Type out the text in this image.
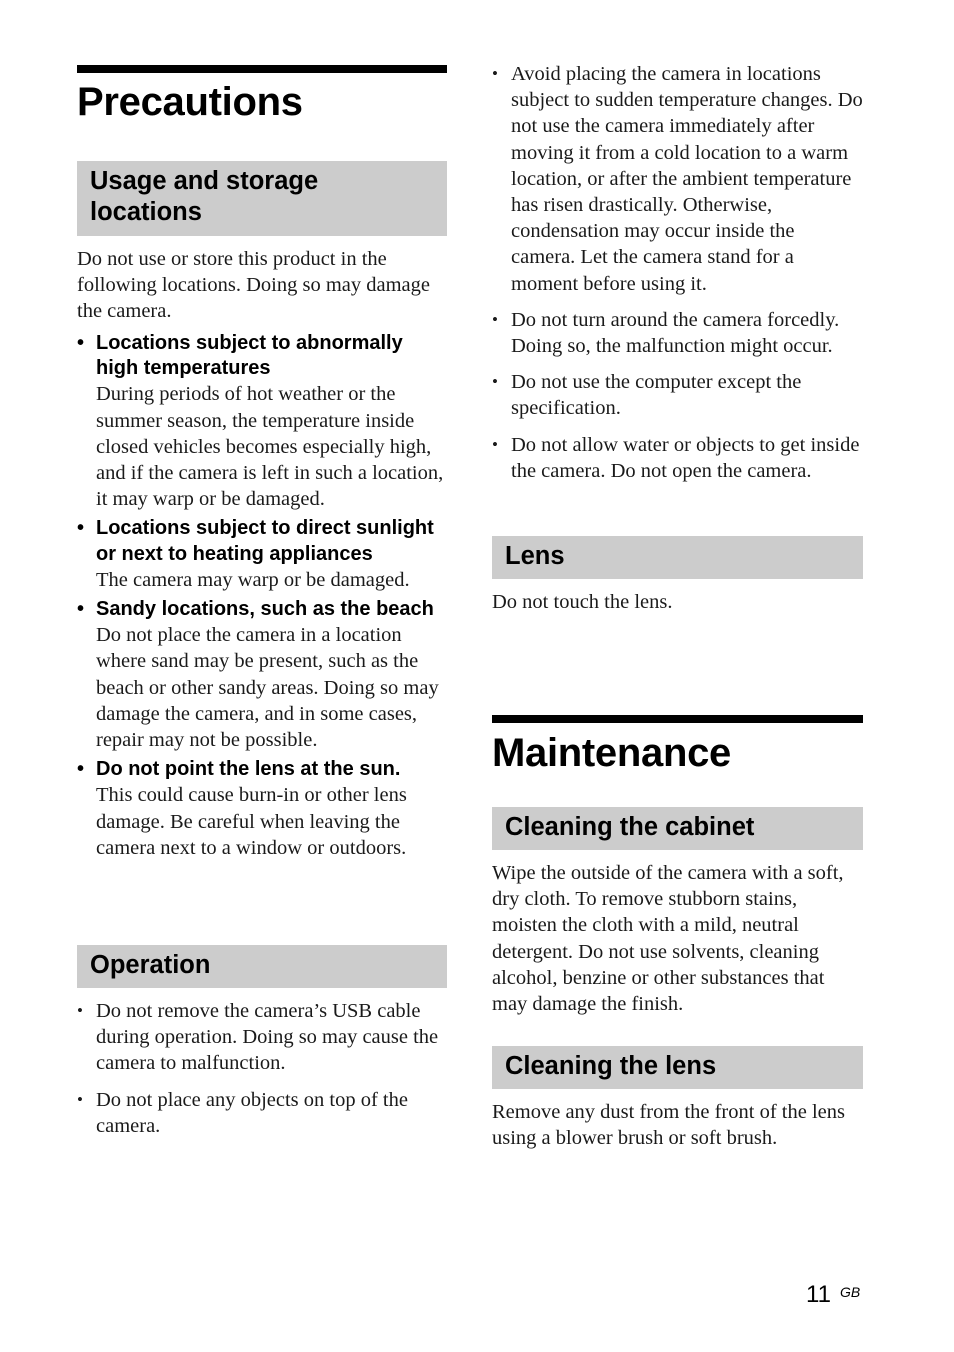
Precautions
Usage and storage locations

Do not use or store this product in the following locations. Doing so may damage the camera.

• Locations subject to abnormally high temperatures
During periods of hot weather or the summer season, the temperature inside closed vehicles becomes especially high, and if the camera is left in such a location, it may warp or be damaged.
• Locations subject to direct sunlight or next to heating appliances
The camera may warp or be damaged.
• Sandy locations, such as the beach
Do not place the camera in a location where sand may be present, such as the beach or other sandy areas. Doing so may damage the camera, and in some cases, repair may not be possible.
• Do not point the lens at the sun.
This could cause burn-in or other lens damage. Be careful when leaving the camera next to a window or outdoors.
Operation
• Do not remove the camera’s USB cable during operation. Doing so may cause the camera to malfunction.
• Do not place any objects on top of the camera.
• Avoid placing the camera in locations subject to sudden temperature changes. Do not use the camera immediately after moving it from a cold location to a warm location, or after the ambient temperature has risen drastically. Otherwise, condensation may occur inside the camera. Let the camera stand for a moment before using it.
• Do not turn around the camera forcedly. Doing so, the malfunction might occur.
• Do not use the computer except the specification.
• Do not allow water or objects to get inside the camera. Do not open the camera.
Lens

Do not touch the lens.

Maintenance
Cleaning the cabinet

Wipe the outside of the camera with a soft, dry cloth. To remove stubborn stains, moisten the cloth with a mild, neutral detergent. Do not use solvents, cleaning alcohol, benzine or other substances that may damage the finish.

Cleaning the lens

Remove any dust from the front of the lens using a blower brush or soft brush.

11 GB
